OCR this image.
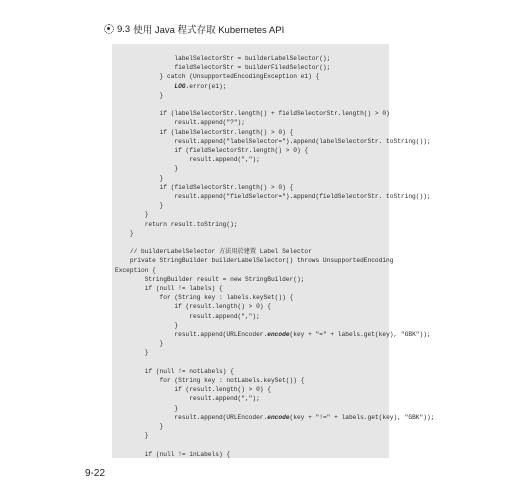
9.3 使用 Java 程式存取 Kubernetes API
labelSelectorStr = builderLabelSelector();
fieldSelectorStr = builderFiledSelector();
} catch (UnsupportedEncodingException e1) {
LOG.error(e1);
}
if (labelSelectorStr.length() + fieldSelectorStr.length() > 0)
result.append("?");
if (labelSelectorStr.length() > 0) {
result.append("labelSelector=").append(labelSelectorStr. toString());
if (fieldSelectorStr.length() > 0) {
result.append(",");
}
}
if (fieldSelectorStr.length() > 0) {
result.append("fieldSelector=").append(fieldSelectorStr. toString());
}
}
return result.toString();
}
// builderLabelSelector 方法用於建置 Label Selector
private StringBuilder builderLabelSelector() throws UnsupportedEncoding
Exception {
StringBuilder result = new StringBuilder();
if (null != labels) {
for (String key : labels.keySet()) {
if (result.length() > 0) {
result.append(",");
}
result.append(URLEncoder.encode(key + "=" + labels.get(key), "GBK"));
}
}
if (null != notLabels) {
for (String key : notLabels.keySet()) {
if (result.length() > 0) {
result.append(",");
}
result.append(URLEncoder.encode(key + "!=" + labels.get(key), "GBK"));
}
}
if (null != inLabels) {
9-22
